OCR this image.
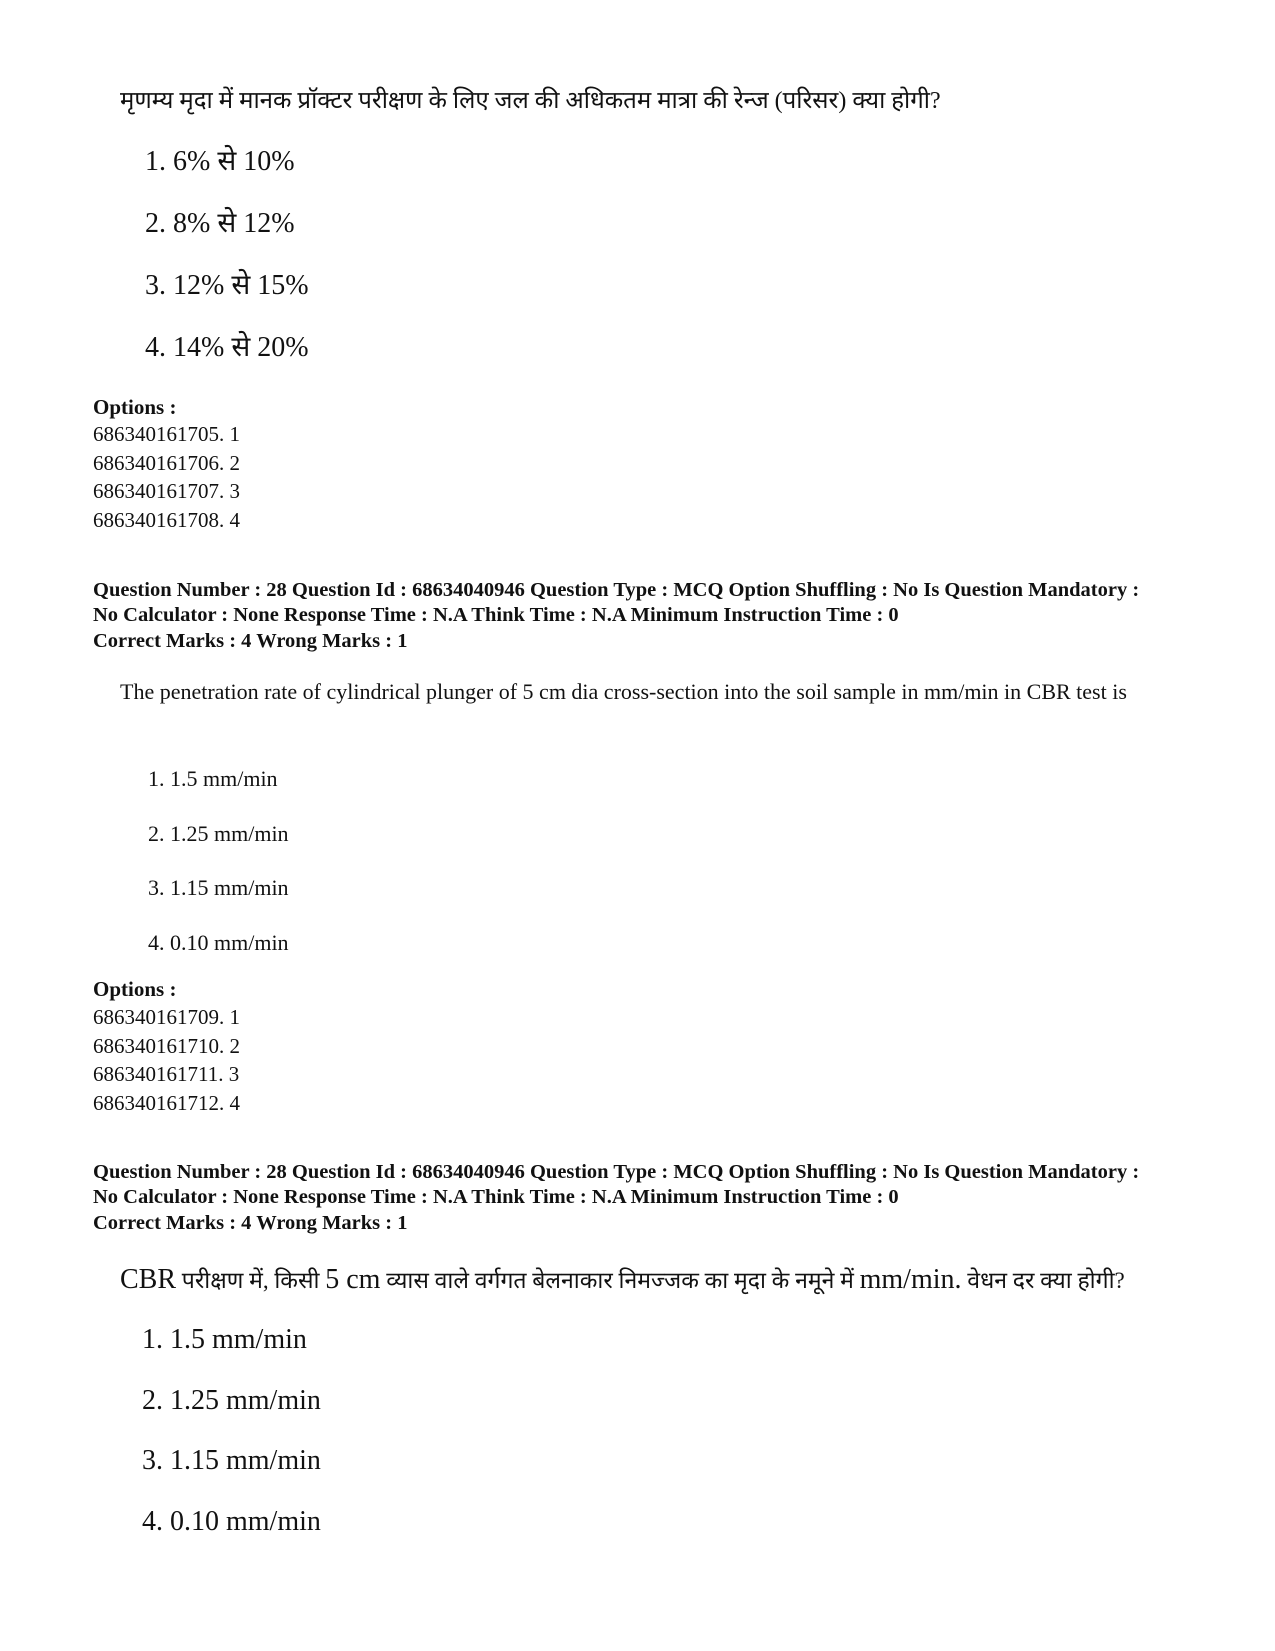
मृणम्य मृदा में मानक प्रॉक्टर परीक्षण के लिए जल की अधिकतम मात्रा की रेन्ज (परिसर) क्या होगी?

1. 6% से 10%
2. 8% से 12%
3. 12% से 15%
4. 14% से 20%

Options :

686340161705. 1
686340161706. 2
686340161707. 3
686340161708. 4
Question Number : 28 Question Id : 68634040946 Question Type : MCQ Option Shuffling : No Is Question Mandatory :
No Calculator : None Response Time : N.A Think Time : N.A Minimum Instruction Time : 0

Correct Marks : 4 Wrong Marks : 1

The penetration rate of cylindrical plunger of 5 cm dia cross-section into the soil sample in mm/min in CBR test is

1. 1.5 mm/min
2. 1.25 mm/min
3. 1.15 mm/min
4. 0.10 mm/min

Options :

686340161709. 1
686340161710. 2
686340161711. 3
686340161712. 4
Question Number : 28 Question Id : 68634040946 Question Type : MCQ Option Shuffling : No Is Question Mandatory :
No Calculator : None Response Time : N.A Think Time : N.A Minimum Instruction Time : 0

Correct Marks : 4 Wrong Marks : 1

CBR परीक्षण में, किसी 5 cm व्यास वाले वर्गगत बेलनाकार निमज्जक का मृदा के नमूने में mm/min. वेधन दर क्या होगी?

1. 1.5 mm/min
2. 1.25 mm/min
3. 1.15 mm/min
4. 0.10 mm/min
